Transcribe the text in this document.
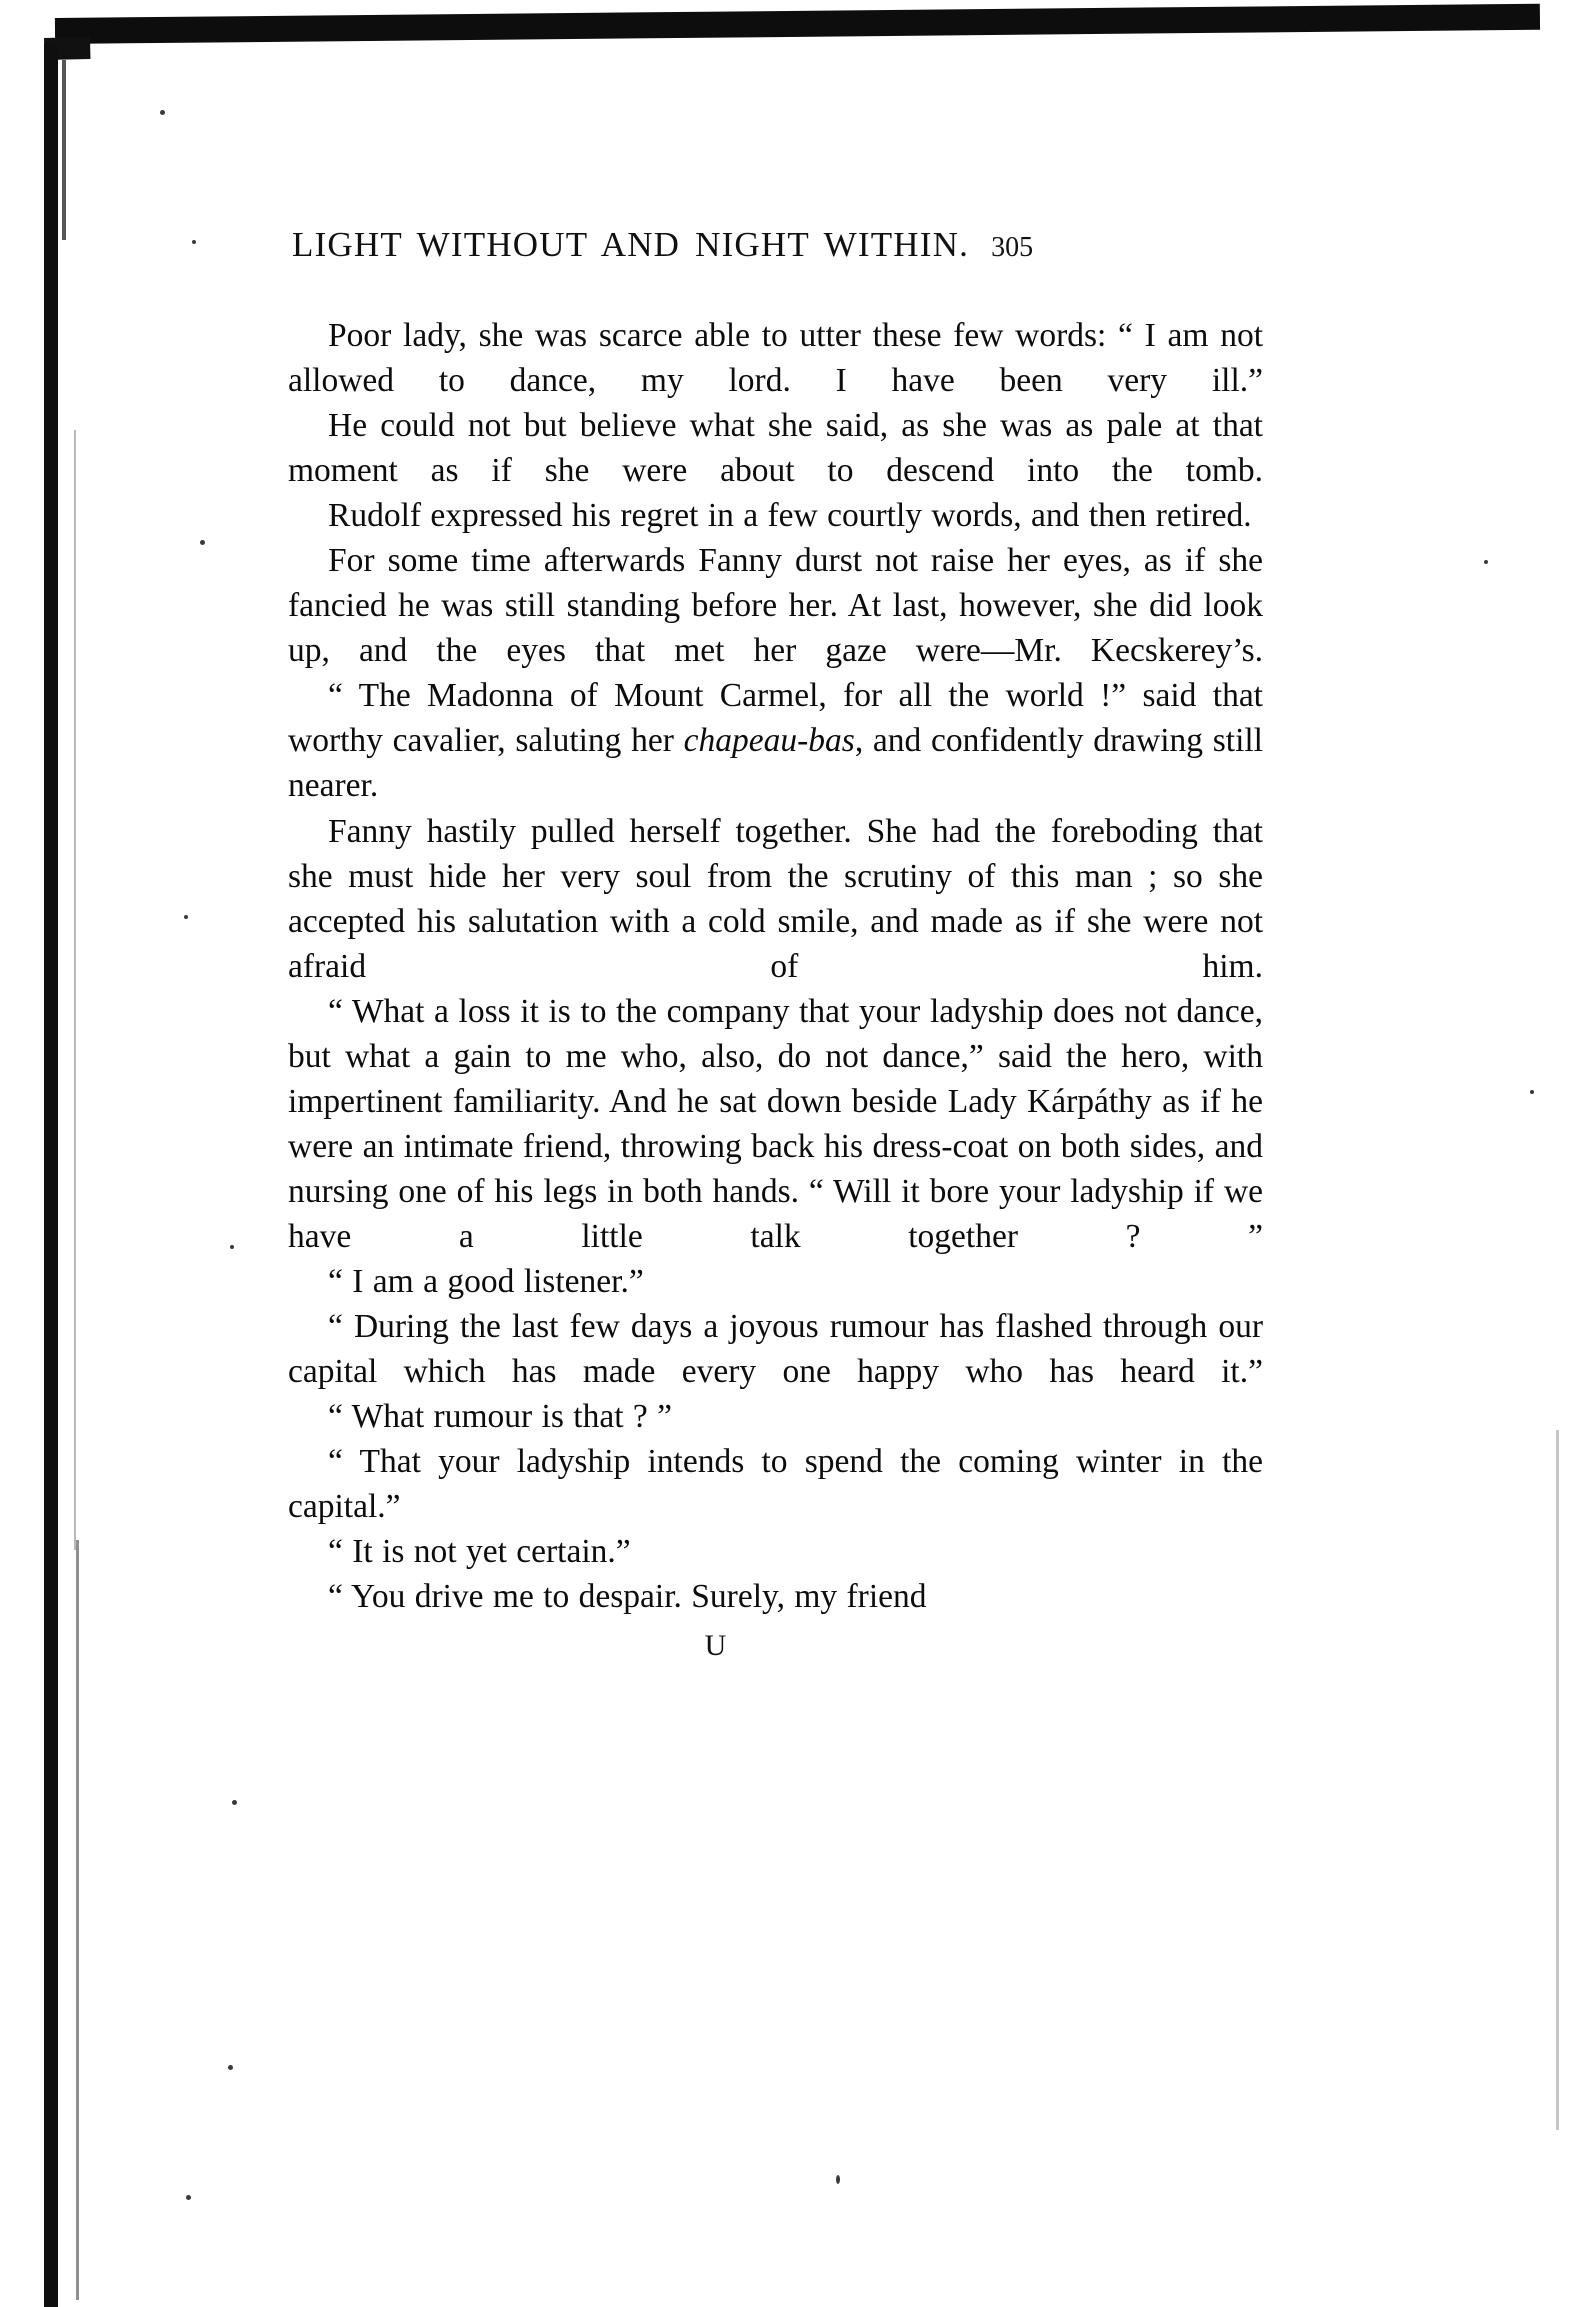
LIGHT WITHOUT AND NIGHT WITHIN. 305

Poor lady, she was scarce able to utter these few words: “ I am not allowed to dance, my lord. I have been very ill.”

He could not but believe what she said, as she was as pale at that moment as if she were about to descend into the tomb.

Rudolf expressed his regret in a few courtly words, and then retired.

For some time afterwards Fanny durst not raise her eyes, as if she fancied he was still standing before her. At last, however, she did look up, and the eyes that met her gaze were—Mr. Kecskerey’s.

“ The Madonna of Mount Carmel, for all the world !” said that worthy cavalier, saluting her chapeau-bas, and confidently drawing still nearer.

Fanny hastily pulled herself together. She had the foreboding that she must hide her very soul from the scrutiny of this man ; so she accepted his salutation with a cold smile, and made as if she were not afraid of him.

“ What a loss it is to the company that your ladyship does not dance, but what a gain to me who, also, do not dance,” said the hero, with impertinent familiarity. And he sat down beside Lady Kárpáthy as if he were an intimate friend, throwing back his dress-coat on both sides, and nursing one of his legs in both hands. “ Will it bore your ladyship if we have a little talk together ? ”

“ I am a good listener.”

“ During the last few days a joyous rumour has flashed through our capital which has made every one happy who has heard it.”

“ What rumour is that ? ”

“ That your ladyship intends to spend the coming winter in the capital.”

“ It is not yet certain.”

“ You drive me to despair. Surely, my friend

U
